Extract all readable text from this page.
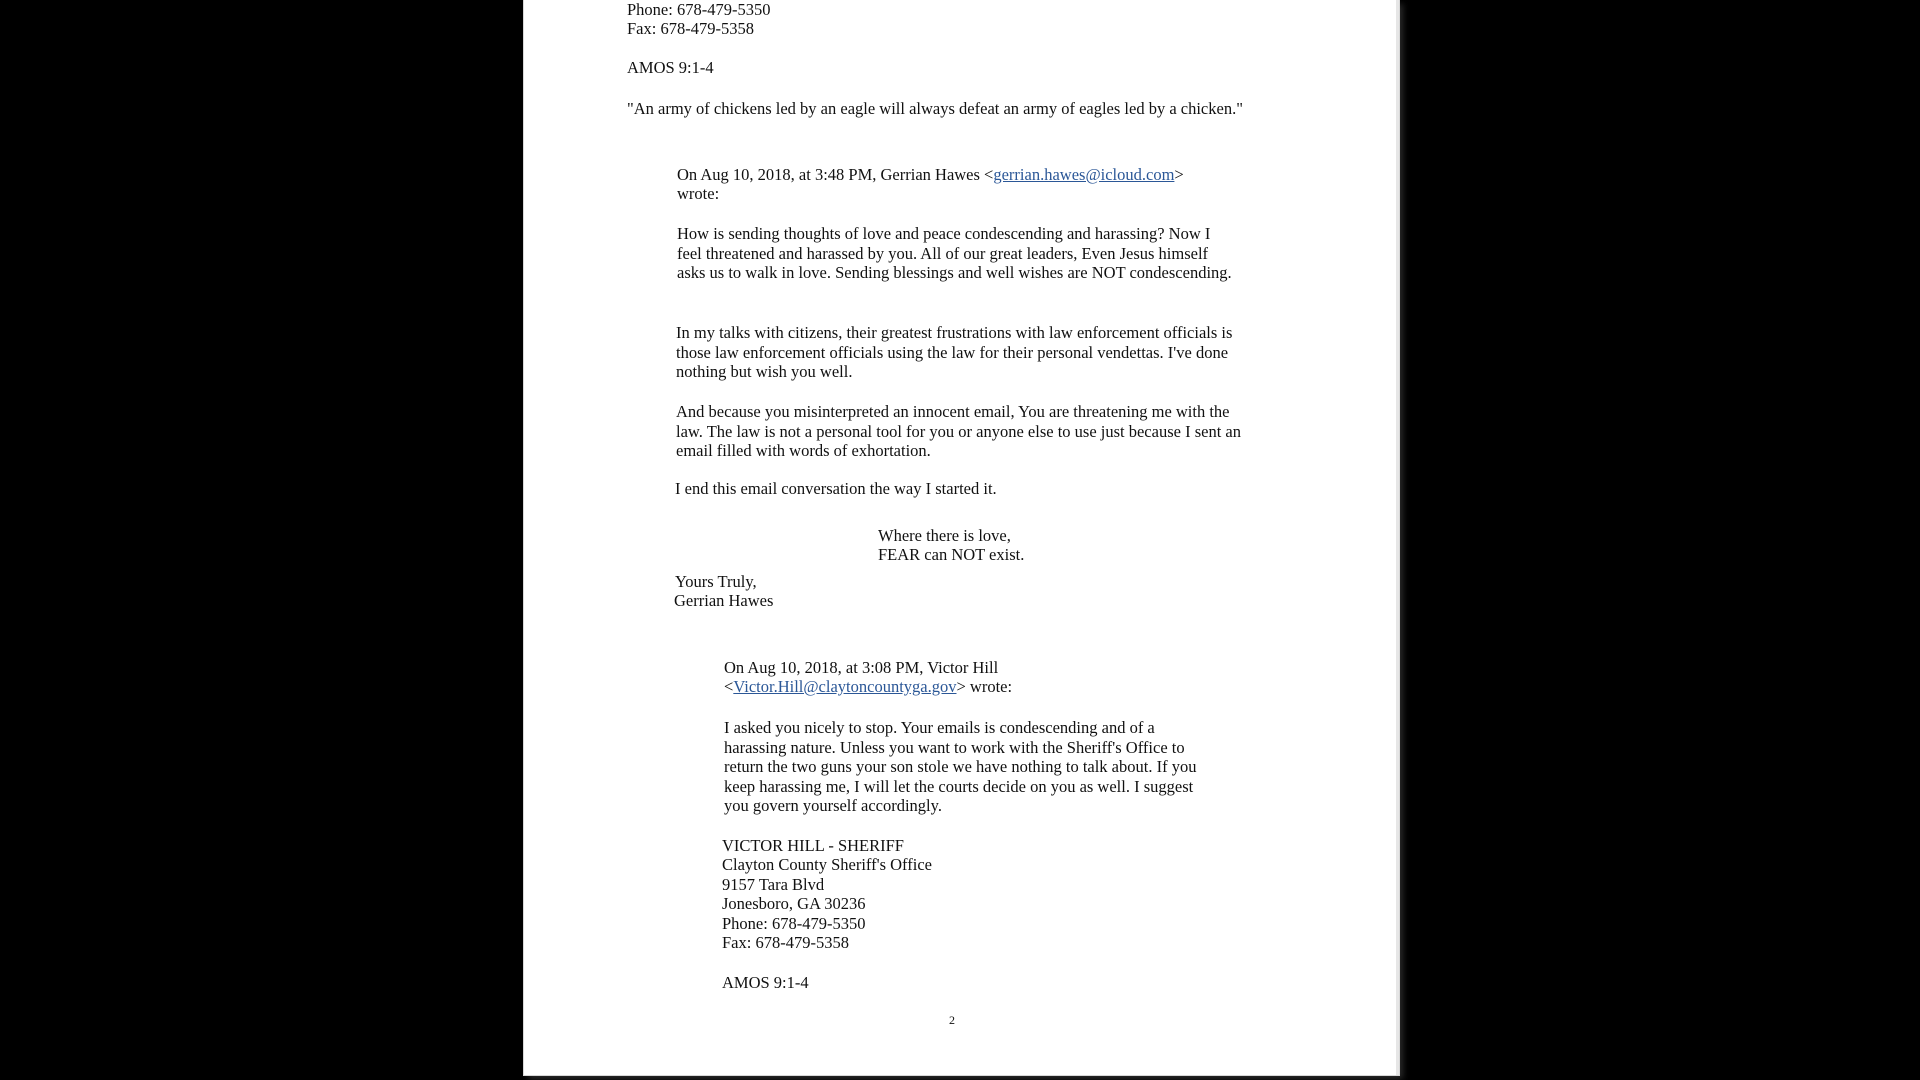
Phone: 678-479-5350

Fax: 678-479-5358

AMOS 9:1-4

"An army of chickens led by an eagle will always defeat an army of eagles led by a chicken."

On Aug 10, 2018, at 3:48 PM, Gerrian Hawes <gerrian.hawes@icloud.com>

wrote:

How is sending thoughts of love and peace condescending and harassing? Now I feel threatened and harassed by you. All of our great leaders, Even Jesus himself asks us to walk in love. Sending blessings and well wishes are NOT condescending.

In my talks with citizens, their greatest frustrations with law enforcement officials is those law enforcement officials using the law for their personal vendettas. I've done nothing but wish you well.

And because you misinterpreted an innocent email, You are threatening me with the law. The law is not a personal tool for you or anyone else to use just because I sent an email filled with words of exhortation.

I end this email conversation the way I started it.

Where there is love,

FEAR can NOT exist.

Yours Truly,

Gerrian Hawes

On Aug 10, 2018, at 3:08 PM, Victor Hill

<Victor.Hill@claytoncountyga.gov> wrote:

I asked you nicely to stop. Your emails is condescending and of a harassing nature. Unless you want to work with the Sheriff's Office to return the two guns your son stole we have nothing to talk about. If you keep harassing me, I will let the courts decide on you as well. I suggest you govern yourself accordingly.

VICTOR HILL - SHERIFF

Clayton County Sheriff's Office

9157 Tara Blvd

Jonesboro, GA 30236

Phone: 678-479-5350

Fax: 678-479-5358

AMOS 9:1-4

2
